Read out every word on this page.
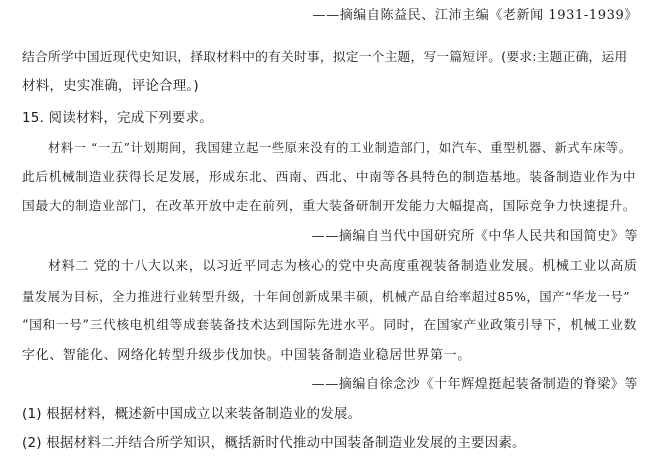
——摘编自陈益民、江沛主编《老新闻 1931-1939》
结合所学中国近现代史知识，择取材料中的有关时事，拟定一个主题，写一篇短评。(要求:主题正确，运用
材料，史实准确，评论合理。)
15. 阅读材料，完成下列要求。
材料一 “一五”计划期间，我国建立起一些原来没有的工业制造部门，如汽车、重型机器、新式车床等。
此后机械制造业获得长足发展，形成东北、西南、西北、中南等各具特色的制造基地。装备制造业作为中
国最大的制造业部门，在改革开放中走在前列，重大装备研制开发能力大幅提高，国际竞争力快速提升。
——摘编自当代中国研究所《中华人民共和国简史》等
材料二 党的十八大以来，以习近平同志为核心的党中央高度重视装备制造业发展。机械工业以高质
量发展为目标，全力推进行业转型升级，十年间创新成果丰硕，机械产品自给率超过85%，国产“华龙一号”
“国和一号”三代核电机组等成套装备技术达到国际先进水平。同时，在国家产业政策引导下，机械工业数
字化、智能化、网络化转型升级步伐加快。中国装备制造业稳居世界第一。
——摘编自徐念沙《十年辉煌挺起装备制造的脊梁》等
(1) 根据材料，概述新中国成立以来装备制造业的发展。
(2) 根据材料二并结合所学知识，概括新时代推动中国装备制造业发展的主要因素。
